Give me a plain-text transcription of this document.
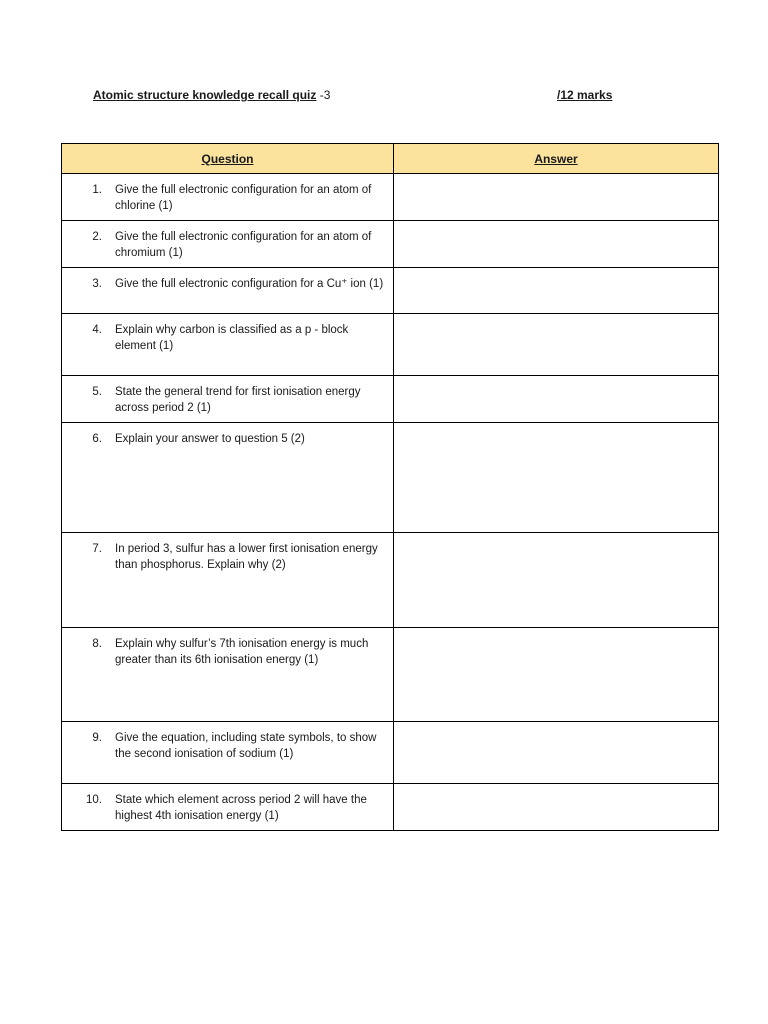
Atomic structure knowledge recall quiz -3	/12 marks
Question	Answer

1. Give the full electronic configuration for an atom of chlorine (1)	

2. Give the full electronic configuration for an atom of chromium (1)	

3. Give the full electronic configuration for a Cu⁺ ion (1)	

4. Explain why carbon is classified as a p - block element (1)	

5. State the general trend for first ionisation energy across period 2 (1)	

6. Explain your answer to question 5 (2)	

7. In period 3, sulfur has a lower first ionisation energy than phosphorus. Explain why (2)	

8. Explain why sulfur’s 7th ionisation energy is much greater than its 6th ionisation energy (1)	

9. Give the equation, including state symbols, to show the second ionisation of sodium (1)	

10. State which element across period 2 will have the highest 4th ionisation energy (1)	
